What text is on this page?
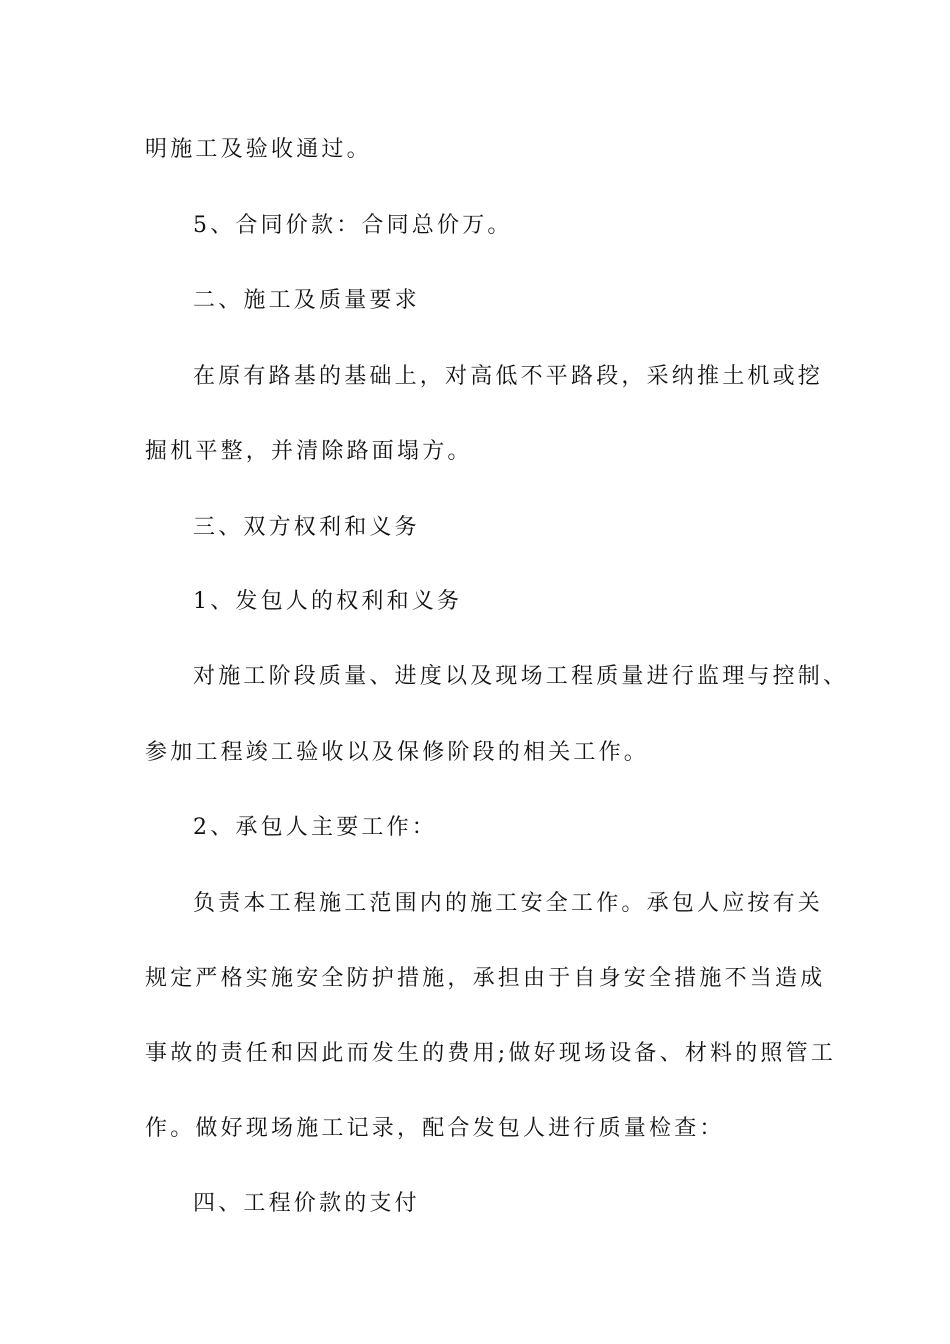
明施工及验收通过。
5、合同价款：合同总价万。
二、施工及质量要求
在原有路基的基础上，对高低不平路段，采纳推土机或挖
掘机平整，并清除路面塌方。
三、双方权利和义务
1、发包人的权利和义务
对施工阶段质量、进度以及现场工程质量进行监理与控制、
参加工程竣工验收以及保修阶段的相关工作。
2、承包人主要工作：
负责本工程施工范围内的施工安全工作。承包人应按有关
规定严格实施安全防护措施，承担由于自身安全措施不当造成
事故的责任和因此而发生的费用;做好现场设备、材料的照管工
作。做好现场施工记录，配合发包人进行质量检查：
四、工程价款的支付
